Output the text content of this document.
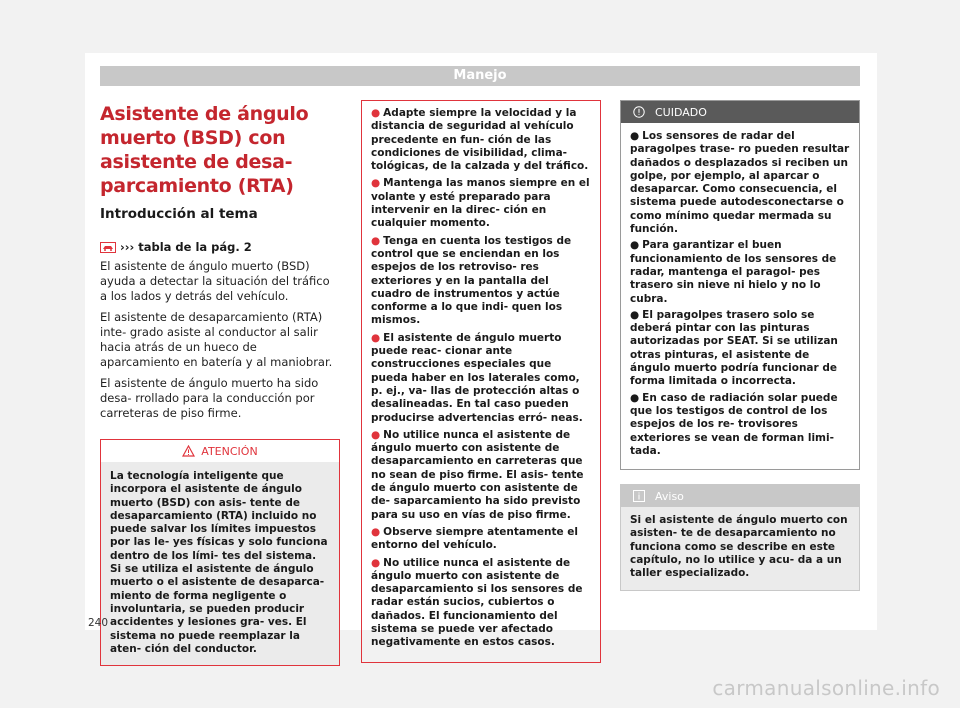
Manejo
Asistente de ángulo muerto (BSD) con asistente de desa- parcamiento (RTA)
Introducción al tema
››› tabla de la pág. 2

El asistente de ángulo muerto (BSD) ayuda a detectar la situación del tráfico a los lados y detrás del vehículo.

El asistente de desaparcamiento (RTA) inte- grado asiste al conductor al salir hacia atrás de un hueco de aparcamiento en batería y al maniobrar.

El asistente de ángulo muerto ha sido desa- rrollado para la conducción por carreteras de piso firme.

ATENCIÓN
La tecnología inteligente que incorpora el asistente de ángulo muerto (BSD) con asis- tente de desaparcamiento (RTA) incluido no puede salvar los límites impuestos por las le- yes físicas y solo funciona dentro de los lími- tes del sistema. Si se utiliza el asistente de ángulo muerto o el asistente de desaparca- miento de forma negligente o involuntaria, se pueden producir accidentes y lesiones gra- ves. El sistema no puede reemplazar la aten- ción del conductor.
● Adapte siempre la velocidad y la distancia de seguridad al vehículo precedente en fun- ción de las condiciones de visibilidad, clima- tológicas, de la calzada y del tráfico.
● Mantenga las manos siempre en el volante y esté preparado para intervenir en la direc- ción en cualquier momento.
● Tenga en cuenta los testigos de control que se enciendan en los espejos de los retroviso- res exteriores y en la pantalla del cuadro de instrumentos y actúe conforme a lo que indi- quen los mismos.
● El asistente de ángulo muerto puede reac- cionar ante construcciones especiales que pueda haber en los laterales como, p. ej., va- llas de protección altas o desalineadas. En tal caso pueden producirse advertencias erró- neas.
● No utilice nunca el asistente de ángulo muerto con asistente de desaparcamiento en carreteras que no sean de piso firme. El asis- tente de ángulo muerto con asistente de de- saparcamiento ha sido previsto para su uso en vías de piso firme.
● Observe siempre atentamente el entorno del vehículo.
● No utilice nunca el asistente de ángulo muerto con asistente de desaparcamiento si los sensores de radar están sucios, cubiertos o dañados. El funcionamiento del sistema se puede ver afectado negativamente en estos casos.
CUIDADO
● Los sensores de radar del paragolpes trase- ro pueden resultar dañados o desplazados si reciben un golpe, por ejemplo, al aparcar o desaparcar. Como consecuencia, el sistema puede autodesconectarse o como mínimo quedar mermada su función.
● Para garantizar el buen funcionamiento de los sensores de radar, mantenga el paragol- pes trasero sin nieve ni hielo y no lo cubra.
● El paragolpes trasero solo se deberá pintar con las pinturas autorizadas por SEAT. Si se utilizan otras pinturas, el asistente de ángulo muerto podría funcionar de forma limitada o incorrecta.
● En caso de radiación solar puede que los testigos de control de los espejos de los re- trovisores exteriores se vean de forman limi- tada.
Aviso
Si el asistente de ángulo muerto con asisten- te de desaparcamiento no funciona como se describe en este capítulo, no lo utilice y acu- da a un taller especializado.
240
carmanualsonline.info
